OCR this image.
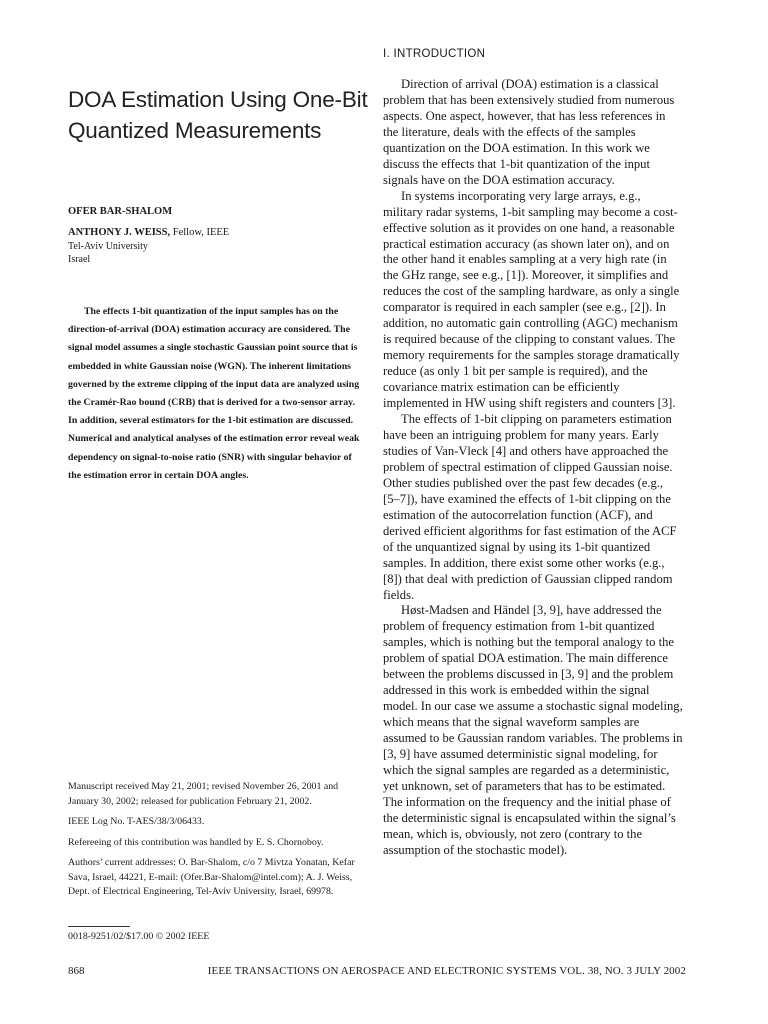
DOA Estimation Using One-Bit
Quantized Measurements

OFER BAR-SHALOM

ANTHONY J. WEISS, Fellow, IEEE

Tel-Aviv University

Israel

The effects 1-bit quantization of the input samples has on the direction-of-arrival (DOA) estimation accuracy are considered. The signal model assumes a single stochastic Gaussian point source that is embedded in white Gaussian noise (WGN). The inherent limitations governed by the extreme clipping of the input data are analyzed using the Cramér-Rao bound (CRB) that is derived for a two-sensor array. In addition, several estimators for the 1-bit estimation are discussed. Numerical and analytical analyses of the estimation error reveal weak dependency on signal-to-noise ratio (SNR) with singular behavior of the estimation error in certain DOA angles.

Manuscript received May 21, 2001; revised November 26, 2001 and January 30, 2002; released for publication February 21, 2002.

IEEE Log No. T-AES/38/3/06433.

Refereeing of this contribution was handled by E. S. Chornoboy.

Authors’ current addresses: O. Bar-Shalom, c/o 7 Mivtza Yonatan, Kefar Sava, Israel, 44221, E-mail: (Ofer.Bar-Shalom@intel.com); A. J. Weiss, Dept. of Electrical Engineering, Tel-Aviv University, Israel, 69978.

0018-9251/02/$17.00 © 2002 IEEE

I. INTRODUCTION

Direction of arrival (DOA) estimation is a classical problem that has been extensively studied from numerous aspects. One aspect, however, that has less references in the literature, deals with the effects of the samples quantization on the DOA estimation. In this work we discuss the effects that 1-bit quantization of the input signals have on the DOA estimation accuracy.

In systems incorporating very large arrays, e.g., military radar systems, 1-bit sampling may become a cost-effective solution as it provides on one hand, a reasonable practical estimation accuracy (as shown later on), and on the other hand it enables sampling at a very high rate (in the GHz range, see e.g., [1]). Moreover, it simplifies and reduces the cost of the sampling hardware, as only a single comparator is required in each sampler (see e.g., [2]). In addition, no automatic gain controlling (AGC) mechanism is required because of the clipping to constant values. The memory requirements for the samples storage dramatically reduce (as only 1 bit per sample is required), and the covariance matrix estimation can be efficiently implemented in HW using shift registers and counters [3].

The effects of 1-bit clipping on parameters estimation have been an intriguing problem for many years. Early studies of Van-Vleck [4] and others have approached the problem of spectral estimation of clipped Gaussian noise. Other studies published over the past few decades (e.g., [5–7]), have examined the effects of 1-bit clipping on the estimation of the autocorrelation function (ACF), and derived efficient algorithms for fast estimation of the ACF of the unquantized signal by using its 1-bit quantized samples. In addition, there exist some other works (e.g., [8]) that deal with prediction of Gaussian clipped random fields.

Høst-Madsen and Händel [3, 9], have addressed the problem of frequency estimation from 1-bit quantized samples, which is nothing but the temporal analogy to the problem of spatial DOA estimation. The main difference between the problems discussed in [3, 9] and the problem addressed in this work is embedded within the signal model. In our case we assume a stochastic signal modeling, which means that the signal waveform samples are assumed to be Gaussian random variables. The problems in [3, 9] have assumed deterministic signal modeling, for which the signal samples are regarded as a deterministic, yet unknown, set of parameters that has to be estimated. The information on the frequency and the initial phase of the deterministic signal is encapsulated within the signal’s mean, which is, obviously, not zero (contrary to the assumption of the stochastic model).

868	IEEE TRANSACTIONS ON AEROSPACE AND ELECTRONIC SYSTEMS VOL. 38, NO. 3 JULY 2002
